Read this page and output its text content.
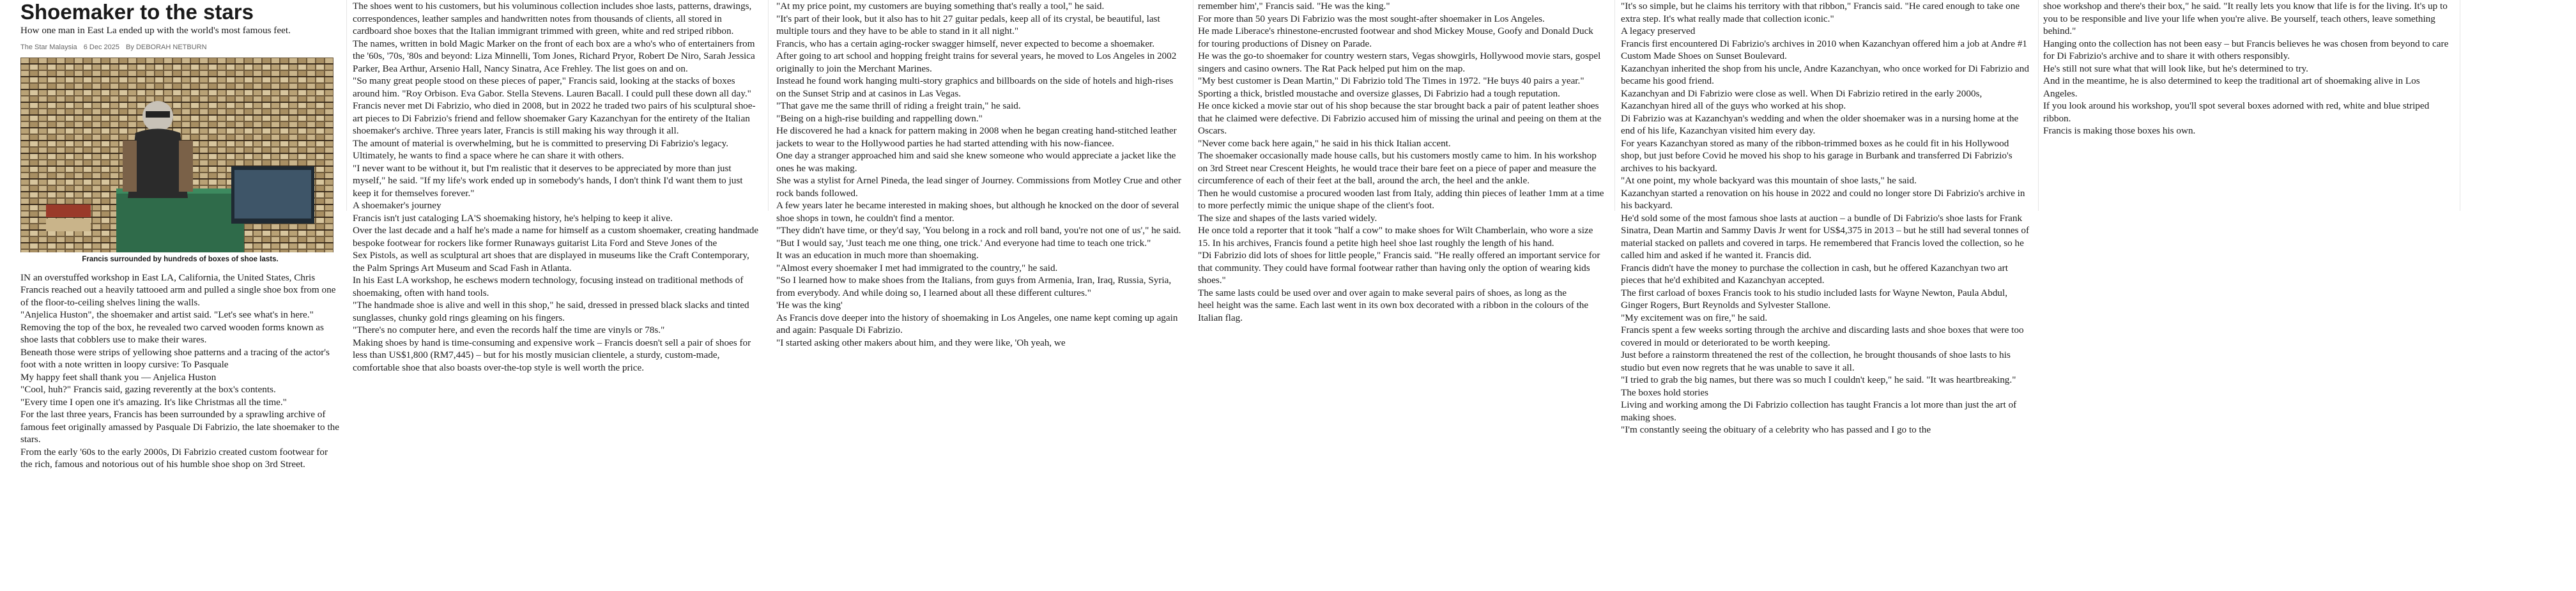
Shoemaker to the stars

How one man in East La ended up with the world's most famous feet.

The Star Malaysia 6 Dec 2025 By DEBORAH NETBURN
Francis surrounded by hundreds of boxes of shoe lasts.

IN an overstuffed workshop in East LA, California, the United States, Chris Francis reached out a heavily tattooed arm and pulled a single shoe box from one of the floor-to-ceiling shelves lining the walls.

"Anjelica Huston", the shoemaker and artist said. "Let's see what's in here."

Removing the top of the box, he revealed two carved wooden forms known as shoe lasts that cobblers use to make their wares.

Beneath those were strips of yellowing shoe patterns and a tracing of the actor's foot with a note written in loopy cursive: To Pasquale

My happy feet shall thank you — Anjelica Huston

"Cool, huh?" Francis said, gazing reverently at the box's contents.

"Every time I open one it's amazing. It's like Christmas all the time."

For the last three years, Francis has been surrounded by a sprawling archive of famous feet originally amassed by Pasquale Di Fabrizio, the late shoemaker to the stars.

From the early '60s to the early 2000s, Di Fabrizio created custom footwear for the rich, famous and notorious out of his humble shoe shop on 3rd Street.

The shoes went to his customers, but his voluminous collection includes shoe lasts, patterns, drawings, correspondences, leather samples and handwritten notes from thousands of clients, all stored in cardboard shoe boxes that the Italian immigrant trimmed with green, white and red striped ribbon.

The names, written in bold Magic Marker on the front of each box are a who's who of entertainers from the '60s, '70s, '80s and beyond: Liza Minnelli, Tom Jones, Richard Pryor, Robert De Niro, Sarah Jessica Parker, Bea Arthur, Arsenio Hall, Nancy Sinatra, Ace Frehley. The list goes on and on.

"So many great people stood on these pieces of paper," Francis said, looking at the stacks of boxes around him. "Roy Orbison. Eva Gabor. Stella Stevens. Lauren Bacall. I could pull these down all day."

Francis never met Di Fabrizio, who died in 2008, but in 2022 he traded two pairs of his sculptural shoe-art pieces to Di Fabrizio's friend and fellow shoemaker Gary Kazanchyan for the entirety of the Italian shoemaker's archive. Three years later, Francis is still making his way through it all.

The amount of material is overwhelming, but he is committed to preserving Di Fabrizio's legacy.

Ultimately, he wants to find a space where he can share it with others.

"I never want to be without it, but I'm realistic that it deserves to be appreciated by more than just myself," he said. "If my life's work ended up in somebody's hands, I don't think I'd want them to just keep it for themselves forever."

A shoemaker's journey

Francis isn't just cataloging LA'S shoemaking history, he's helping to keep it alive.

Over the last decade and a half he's made a name for himself as a custom shoemaker, creating handmade bespoke footwear for rockers like former Runaways guitarist Lita Ford and Steve Jones of the

Sex Pistols, as well as sculptural art shoes that are displayed in museums like the Craft Contemporary, the Palm Springs Art Museum and Scad Fash in Atlanta.

In his East LA workshop, he eschews modern technology, focusing instead on traditional methods of shoemaking, often with hand tools.

"The handmade shoe is alive and well in this shop," he said, dressed in pressed black slacks and tinted sunglasses, chunky gold rings gleaming on his fingers.

"There's no computer here, and even the records half the time are vinyls or 78s."

Making shoes by hand is time-consuming and expensive work – Francis doesn't sell a pair of shoes for less than US$1,800 (RM7,445) – but for his mostly musician clientele, a sturdy, custom-made, comfortable shoe that also boasts over-the-top style is well worth the price.

"At my price point, my customers are buying something that's really a tool," he said.

"It's part of their look, but it also has to hit 27 guitar pedals, keep all of its crystal, be beautiful, last multiple tours and they have to be able to stand in it all night."

Francis, who has a certain aging-rocker swagger himself, never expected to become a shoemaker.

After going to art school and hopping freight trains for several years, he moved to Los Angeles in 2002 originally to join the Merchant Marines.

Instead he found work hanging multi-story graphics and billboards on the side of hotels and high-rises on the Sunset Strip and at casinos in Las Vegas.

"That gave me the same thrill of riding a freight train," he said.

"Being on a high-rise building and rappelling down."

He discovered he had a knack for pattern making in 2008 when he began creating hand-stitched leather jackets to wear to the Hollywood parties he had started attending with his now-fiancee.

One day a stranger approached him and said she knew someone who would appreciate a jacket like the ones he was making.

She was a stylist for Arnel Pineda, the lead singer of Journey. Commissions from Motley Crue and other rock bands followed.

A few years later he became interested in making shoes, but although he knocked on the door of several shoe shops in town, he couldn't find a mentor.

"They didn't have time, or they'd say, 'You belong in a rock and roll band, you're not one of us'," he said.

"But I would say, 'Just teach me one thing, one trick.' And everyone had time to teach one trick."

It was an education in much more than shoemaking.

"Almost every shoemaker I met had immigrated to the country," he said.

"So I learned how to make shoes from the Italians, from guys from Armenia, Iran, Iraq, Russia, Syria, from everybody. And while doing so, I learned about all these different cultures."

'He was the king'

As Francis dove deeper into the history of shoemaking in Los Angeles, one name kept coming up again and again: Pasquale Di Fabrizio.

"I started asking other makers about him, and they were like, 'Oh yeah, we

remember him'," Francis said. "He was the king."

For more than 50 years Di Fabrizio was the most sought-after shoemaker in Los Angeles.

He made Liberace's rhinestone-encrusted footwear and shod Mickey Mouse, Goofy and Donald Duck for touring productions of Disney on Parade.

He was the go-to shoemaker for country western stars, Vegas showgirls, Hollywood movie stars, gospel singers and casino owners. The Rat Pack helped put him on the map.

"My best customer is Dean Martin," Di Fabrizio told The Times in 1972. "He buys 40 pairs a year."

Sporting a thick, bristled moustache and oversize glasses, Di Fabrizio had a tough reputation.

He once kicked a movie star out of his shop because the star brought back a pair of patent leather shoes that he claimed were defective. Di Fabrizio accused him of missing the urinal and peeing on them at the Oscars.

"Never come back here again," he said in his thick Italian accent.

The shoemaker occasionally made house calls, but his customers mostly came to him. In his workshop on 3rd Street near Crescent Heights, he would trace their bare feet on a piece of paper and measure the circumference of each of their feet at the ball, around the arch, the heel and the ankle.

Then he would customise a procured wooden last from Italy, adding thin pieces of leather 1mm at a time to more perfectly mimic the unique shape of the client's foot.

The size and shapes of the lasts varied widely.

He once told a reporter that it took "half a cow" to make shoes for Wilt Chamberlain, who wore a size 15. In his archives, Francis found a petite high heel shoe last roughly the length of his hand.

"Di Fabrizio did lots of shoes for little people," Francis said. "He really offered an important service for that community. They could have formal footwear rather than having only the option of wearing kids shoes."

The same lasts could be used over and over again to make several pairs of shoes, as long as the

heel height was the same. Each last went in its own box decorated with a ribbon in the colours of the Italian flag.

"It's so simple, but he claims his territory with that ribbon," Francis said. "He cared enough to take one extra step. It's what really made that collection iconic."

A legacy preserved

Francis first encountered Di Fabrizio's archives in 2010 when Kazanchyan offered him a job at Andre #1 Custom Made Shoes on Sunset Boulevard.

Kazanchyan inherited the shop from his uncle, Andre Kazanchyan, who once worked for Di Fabrizio and became his good friend.

Kazanchyan and Di Fabrizio were close as well. When Di Fabrizio retired in the early 2000s, Kazanchyan hired all of the guys who worked at his shop.

Di Fabrizio was at Kazanchyan's wedding and when the older shoemaker was in a nursing home at the end of his life, Kazanchyan visited him every day.

For years Kazanchyan stored as many of the ribbon-trimmed boxes as he could fit in his Hollywood shop, but just before Covid he moved his shop to his garage in Burbank and transferred Di Fabrizio's archives to his backyard.

"At one point, my whole backyard was this mountain of shoe lasts," he said.

Kazanchyan started a renovation on his house in 2022 and could no longer store Di Fabrizio's archive in his backyard.

He'd sold some of the most famous shoe lasts at auction – a bundle of Di Fabrizio's shoe lasts for Frank Sinatra, Dean Martin and Sammy Davis Jr went for US$4,375 in 2013 – but he still had several tonnes of material stacked on pallets and covered in tarps. He remembered that Francis loved the collection, so he called him and asked if he wanted it. Francis did.

Francis didn't have the money to purchase the collection in cash, but he offered Kazanchyan two art pieces that he'd exhibited and Kazanchyan accepted.

The first carload of boxes Francis took to his studio included lasts for Wayne Newton, Paula Abdul, Ginger Rogers, Burt Reynolds and Sylvester Stallone.

"My excitement was on fire," he said.

Francis spent a few weeks sorting through the archive and discarding lasts and shoe boxes that were too covered in mould or deteriorated to be worth keeping.

Just before a rainstorm threatened the rest of the collection, he brought thousands of shoe lasts to his studio but even now regrets that he was unable to save it all.

"I tried to grab the big names, but there was so much I couldn't keep," he said. "It was heartbreaking."

The boxes hold stories

Living and working among the Di Fabrizio collection has taught Francis a lot more than just the art of making shoes.

"I'm constantly seeing the obituary of a celebrity who has passed and I go to the

shoe workshop and there's their box," he said. "It really lets you know that life is for the living. It's up to you to be responsible and live your life when you're alive. Be yourself, teach others, leave something behind."

Hanging onto the collection has not been easy – but Francis believes he was chosen from beyond to care for Di Fabrizio's archive and to share it with others responsibly.

He's still not sure what that will look like, but he's determined to try.

And in the meantime, he is also determined to keep the traditional art of shoemaking alive in Los Angeles.

If you look around his workshop, you'll spot several boxes adorned with red, white and blue striped ribbon.

Francis is making those boxes his own.
